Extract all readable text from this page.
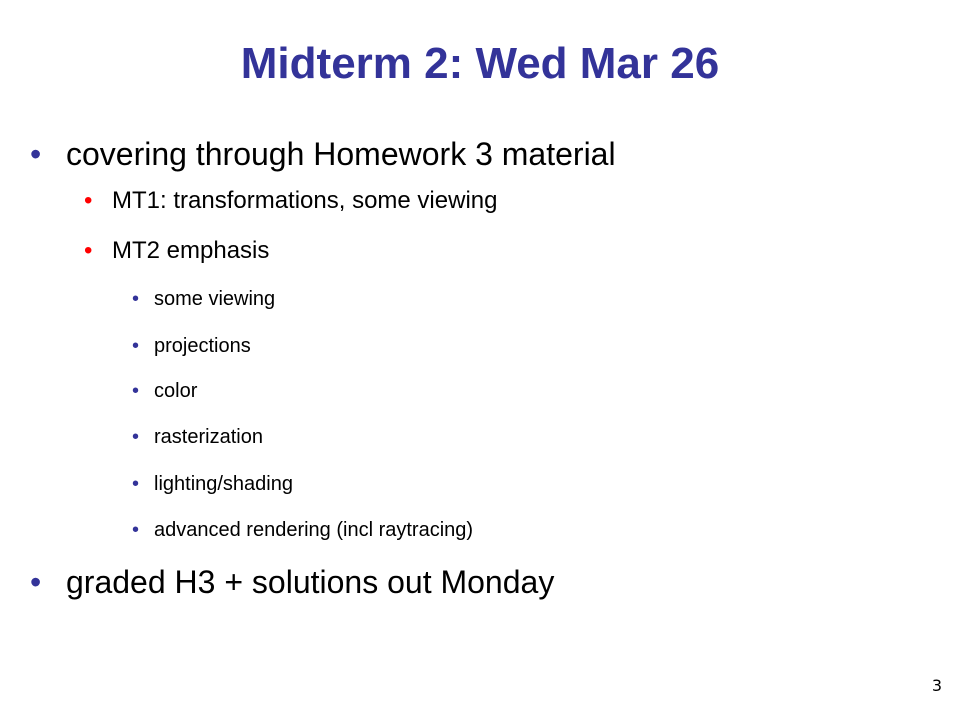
Midterm 2: Wed Mar 26
• covering through Homework 3 material
• MT1: transformations, some viewing
• MT2 emphasis
• some viewing
• projections
• color
• rasterization
• lighting/shading
• advanced rendering (incl raytracing)
• graded H3 + solutions out Monday
3
